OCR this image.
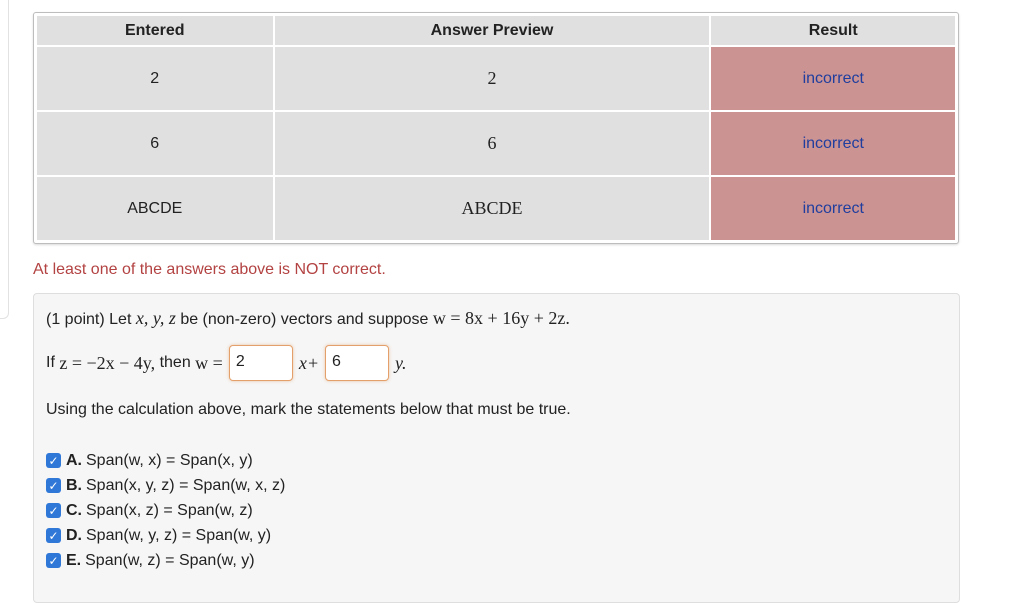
Entered	Answer Preview	Result
2	2	incorrect
6	6	incorrect
ABCDE	ABCDE	incorrect
At least one of the answers above is NOT correct.
(1 point) Let x, y, z be (non-zero) vectors and suppose w = 8x + 16y + 2z.
If
z = −2x − 4y,
then
w = 2	x+ 6	y.
Using the calculation above, mark the statements below that must be true.
✓ A. Span(w, x) = Span(x, y)
✓ B. Span(x, y, z) = Span(w, x, z)
✓ C. Span(x, z) = Span(w, z)
✓ D. Span(w, y, z) = Span(w, y)
✓ E. Span(w, z) = Span(w, y)
